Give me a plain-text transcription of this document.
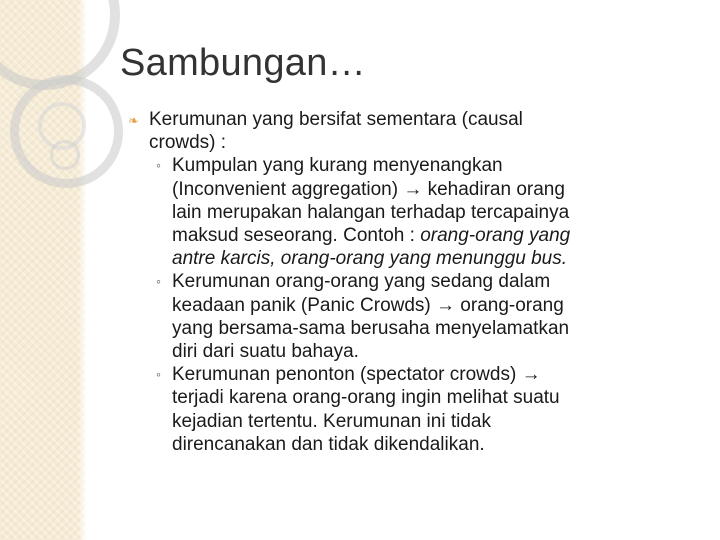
Sambungan…
❧ Kerumunan yang bersifat sementara (causal
crowds) :
◦ Kumpulan yang kurang menyenangkan
(Inconvenient aggregation) → kehadiran orang
lain merupakan halangan terhadap tercapainya
maksud seseorang. Contoh : orang-orang yang
antre karcis, orang-orang yang menunggu bus.
◦ Kerumunan orang-orang yang sedang dalam
keadaan panik (Panic Crowds) → orang-orang
yang bersama-sama berusaha menyelamatkan
diri dari suatu bahaya.
◦ Kerumunan penonton (spectator crowds) →
terjadi karena orang-orang ingin melihat suatu
kejadian tertentu. Kerumunan ini tidak
direncanakan dan tidak dikendalikan.
